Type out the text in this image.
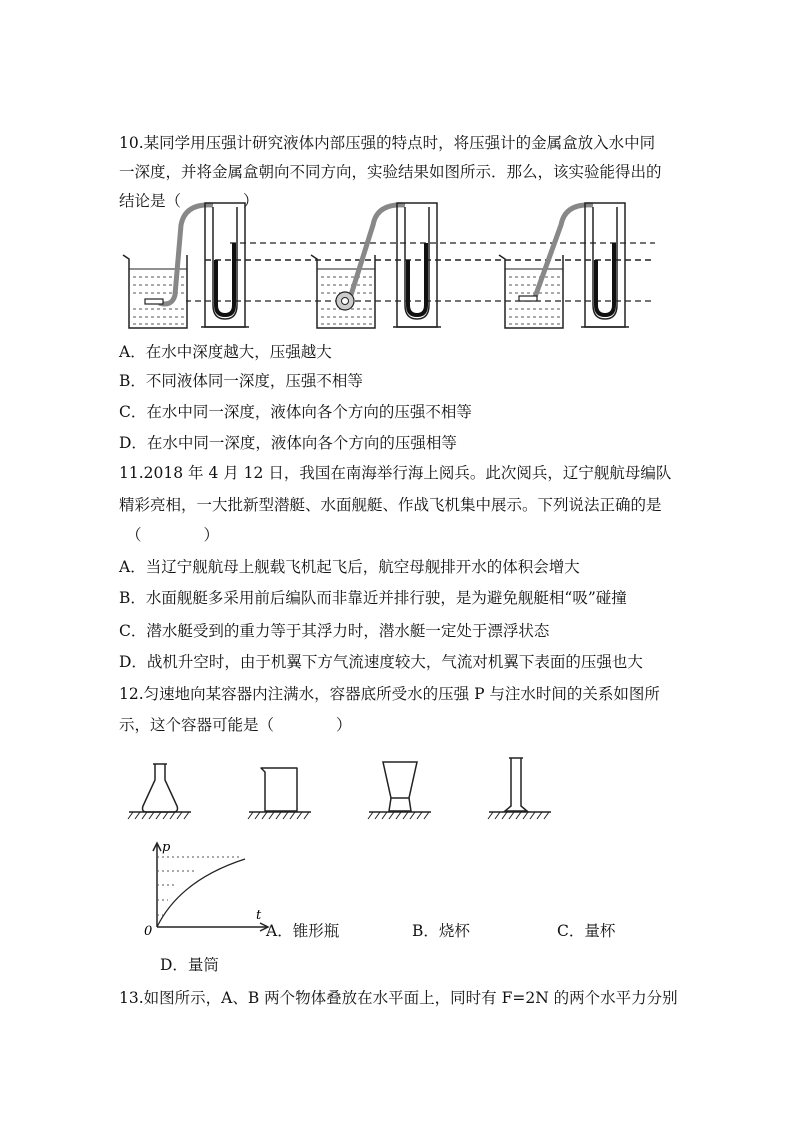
10.某同学用压强计研究液体内部压强的特点时，将压强计的金属盒放入水中同
一深度，并将金属盒朝向不同方向，实验结果如图所示．那么，该实验能得出的
结论是（　　　　）
A．在水中深度越大，压强越大
B．不同液体同一深度，压强不相等
C．在水中同一深度，液体向各个方向的压强不相等
D．在水中同一深度，液体向各个方向的压强相等
11.2018 年 4 月 12 日，我国在南海举行海上阅兵。此次阅兵，辽宁舰航母编队
精彩亮相，一大批新型潜艇、水面舰艇、作战飞机集中展示。下列说法正确的是
（　　　　）
A．当辽宁舰航母上舰载飞机起飞后，航空母舰排开水的体积会增大
B．水面舰艇多采用前后编队而非靠近并排行驶，是为避免舰艇相“吸”碰撞
C．潜水艇受到的重力等于其浮力时，潜水艇一定处于漂浮状态
D．战机升空时，由于机翼下方气流速度较大，气流对机翼下表面的压强也大
12.匀速地向某容器内注满水，容器底所受水的压强 P 与注水时间的关系如图所
示，这个容器可能是（　　　　）
p
t
0	A．锥形瓶	B．烧杯	C．量杯
D．量筒
13.如图所示，A、B 两个物体叠放在水平面上，同时有 F=2N 的两个水平力分别
